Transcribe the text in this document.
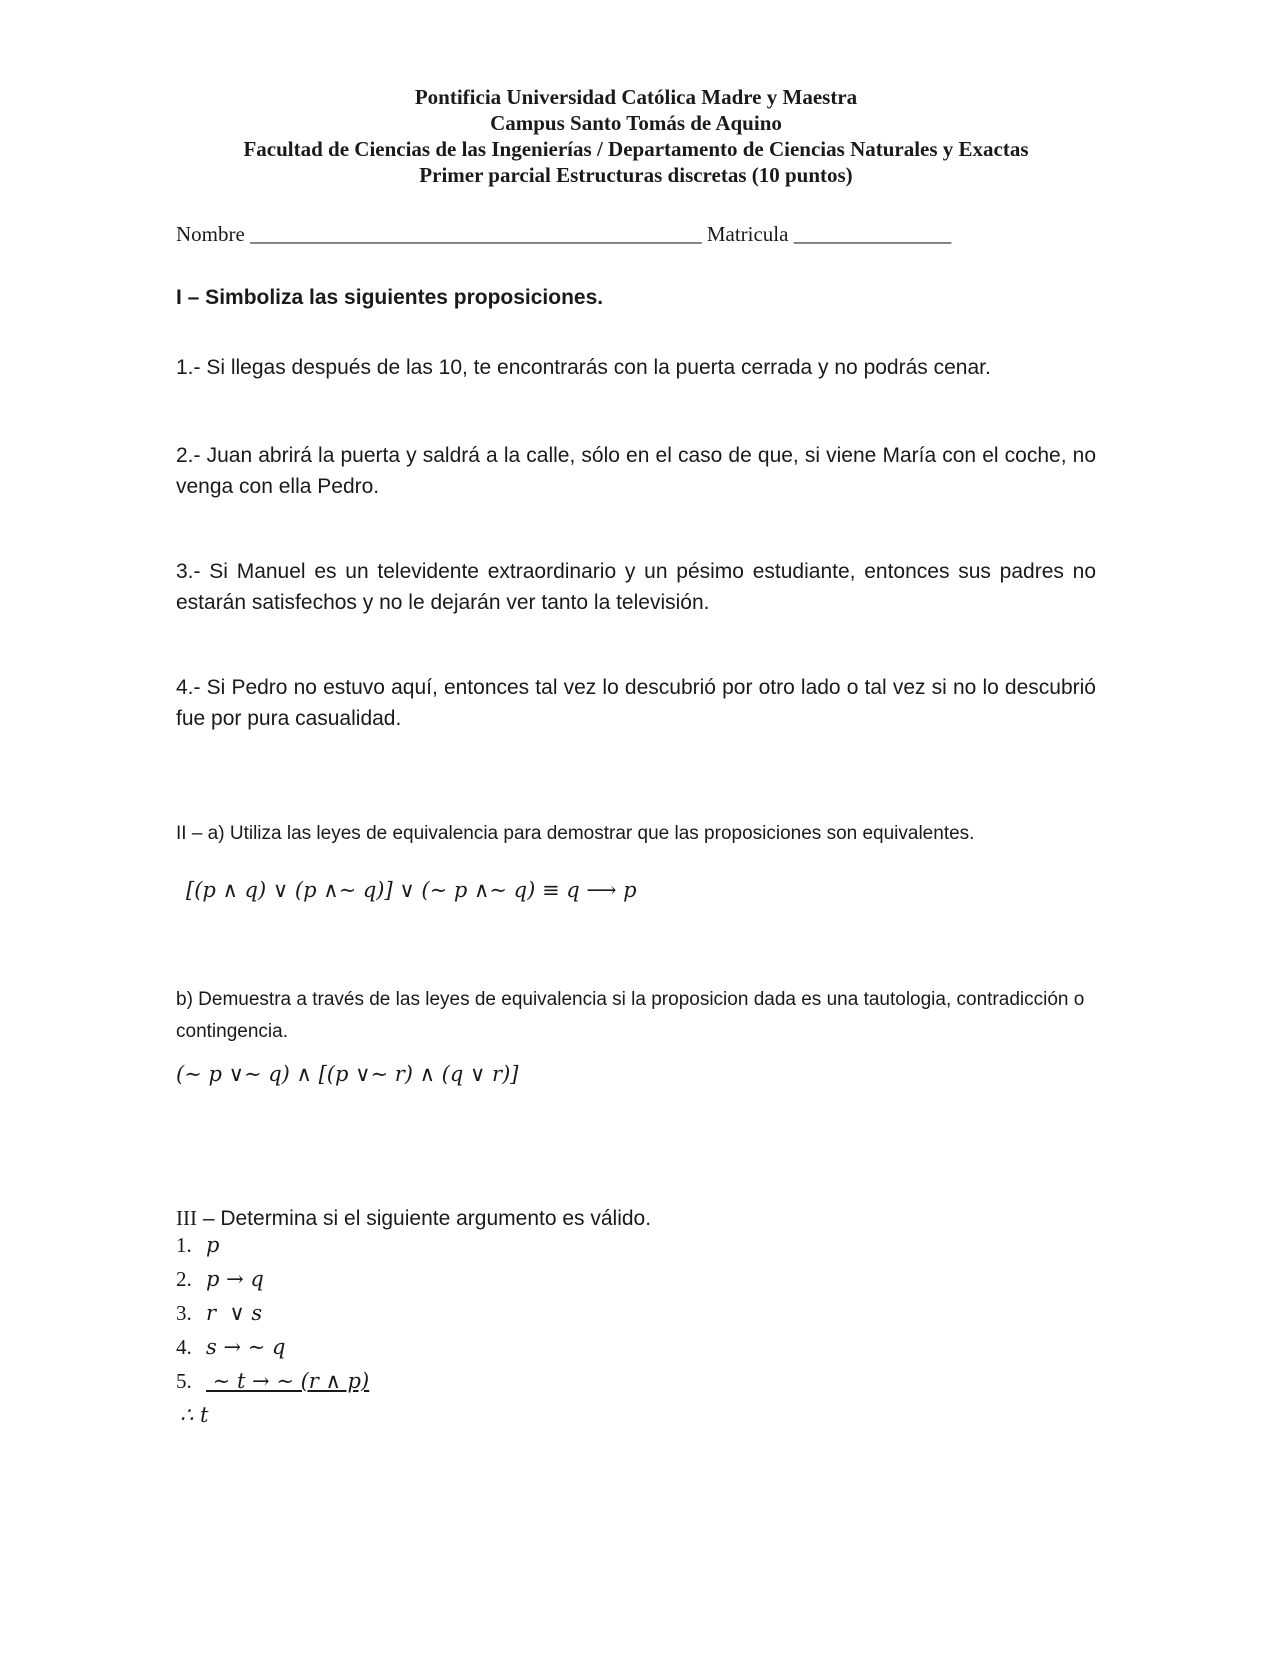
Pontificia Universidad Católica Madre y Maestra
Campus Santo Tomás de Aquino
Facultad de Ciencias de las Ingenierías / Departamento de Ciencias Naturales y Exactas
Primer parcial Estructuras discretas (10 puntos)
Nombre ___________________________________________ Matricula _______________
I – Simboliza las siguientes proposiciones.
1.- Si llegas después de las 10, te encontrarás con la puerta cerrada y no podrás cenar.
2.- Juan abrirá la puerta y saldrá a la calle, sólo en el caso de que, si viene María con el coche, no venga con ella Pedro.
3.- Si Manuel es un televidente extraordinario y un pésimo estudiante, entonces sus padres no estarán satisfechos y no le dejarán ver tanto la televisión.
4.- Si Pedro no estuvo aquí, entonces tal vez lo descubrió por otro lado o tal vez si no lo descubrió fue por pura casualidad.
II – a) Utiliza las leyes de equivalencia para demostrar que las proposiciones son equivalentes.
[(p ∧ q) ∨ (p ∧∼ q)] ∨ (∼ p ∧∼ q) ≡ q ⟶ p
b) Demuestra a través de las leyes de equivalencia si la proposicion dada es una tautologia, contradicción o contingencia.
(∼ p ∨∼ q) ∧ [(p ∨∼ r) ∧ (q ∨ r)]
III – Determina si el siguiente argumento es válido.
1. p
2. p → q
3. r  ∨ s
4. s → ∼ q
5. ∼ t → ∼ (r ∧ p)
∴ t
